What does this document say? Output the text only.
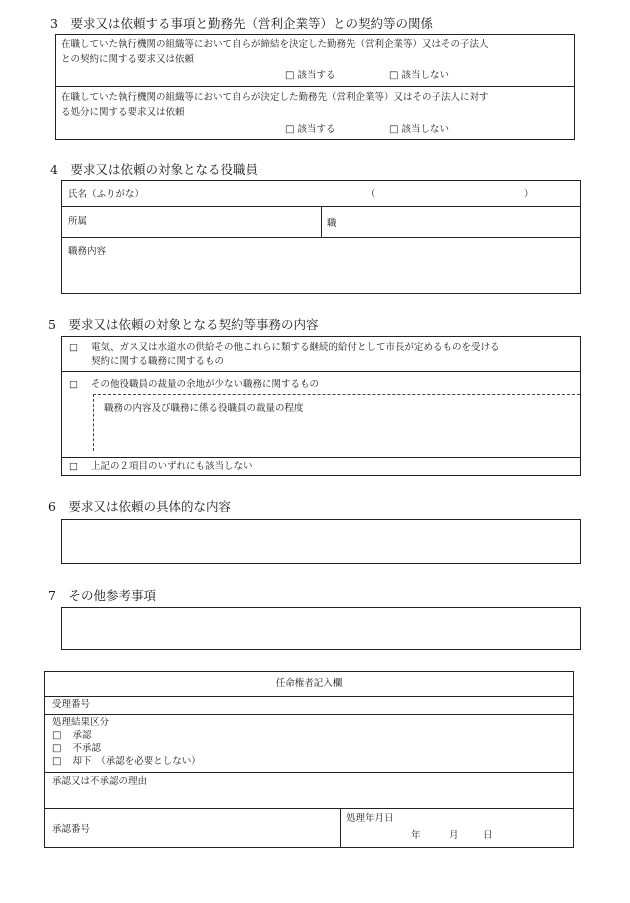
3　要求又は依頼する事項と勤務先（営利企業等）との契約等の関係
在職していた執行機関の組織等において自らが締結を決定した勤務先（営利企業等）又はその子法人
との契約に関する要求又は依頼
□ 該当する	□ 該当しない
在職していた執行機関の組織等において自らが決定した勤務先（営利企業等）又はその子法人に対す
る処分に関する要求又は依頼
□ 該当する	□ 該当しない
4　要求又は依頼の対象となる役職員
氏名（ふりがな）	（	）
所属	職
職務内容
5　要求又は依頼の対象となる契約等事務の内容
□ 電気、ガス又は水道水の供給その他これらに類する継続的給付として市長が定めるものを受ける
契約に関する職務に関するもの
□ その他役職員の裁量の余地が少ない職務に関するもの
職務の内容及び職務に係る役職員の裁量の程度
□ 上記の２項目のいずれにも該当しない
6　要求又は依頼の具体的な内容
7　その他参考事項
任命権者記入欄
受理番号
処理結果区分
□ 承認
□ 不承認
□ 却下　（承認を必要としない）
承認又は不承認の理由
承認番号
処理年月日
年	月	日
